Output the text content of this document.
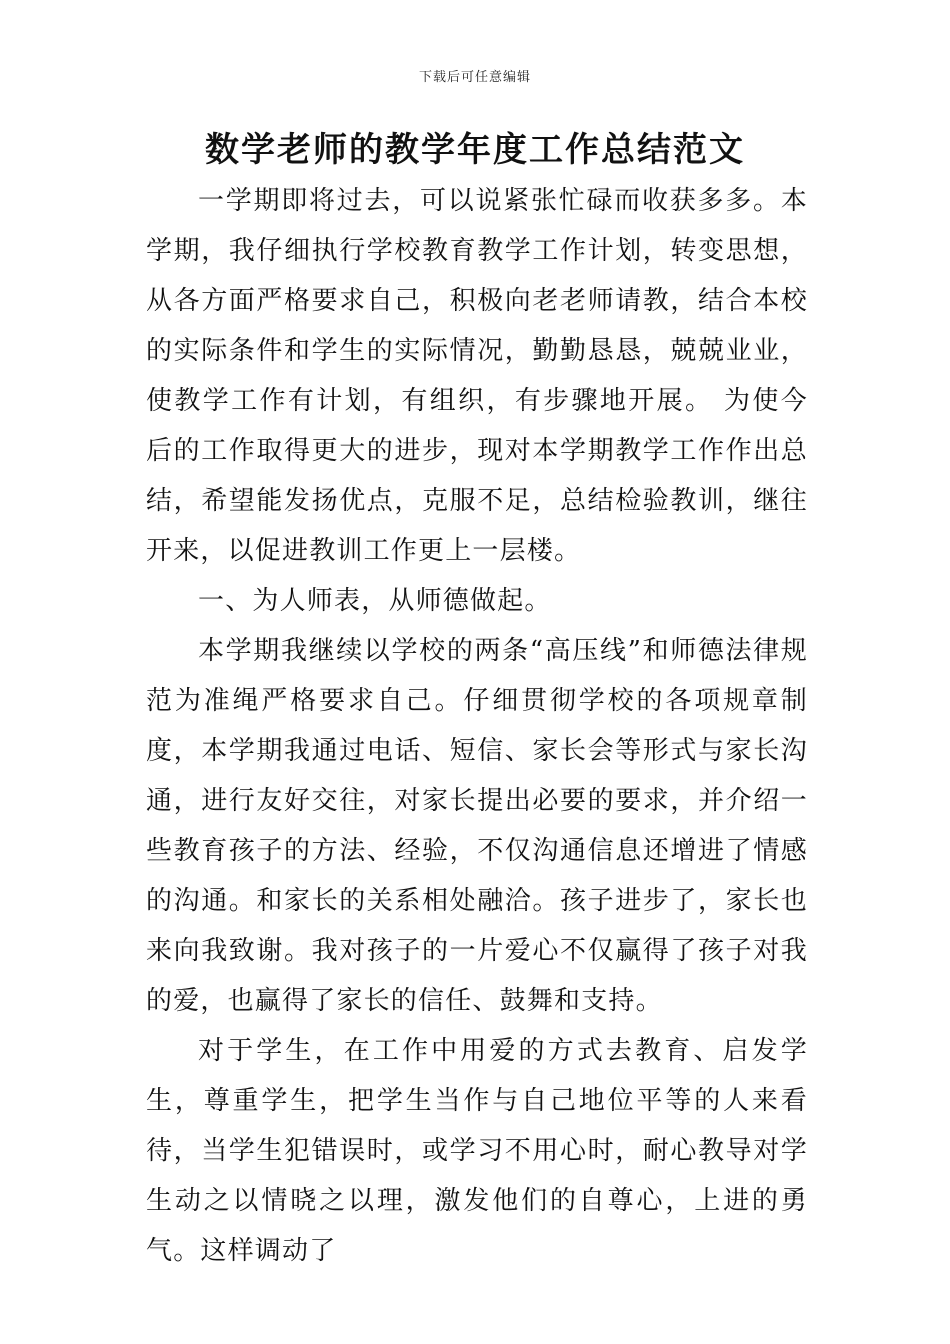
下载后可任意编辑
数学老师的教学年度工作总结范文

一学期即将过去，可以说紧张忙碌而收获多多。本学期，我仔细执行学校教育教学工作计划，转变思想，从各方面严格要求自己，积极向老老师请教，结合本校的实际条件和学生的实际情况，勤勤恳恳，兢兢业业，使教学工作有计划，有组织，有步骤地开展。 为使今后的工作取得更大的进步，现对本学期教学工作作出总结，希望能发扬优点，克服不足，总结检验教训，继往开来，以促进教训工作更上一层楼。

一、为人师表，从师德做起。

本学期我继续以学校的两条“高压线”和师德法律规范为准绳严格要求自己。仔细贯彻学校的各项规章制度，本学期我通过电话、短信、家长会等形式与家长沟通，进行友好交往，对家长提出必要的要求，并介绍一些教育孩子的方法、经验，不仅沟通信息还增进了情感的沟通。和家长的关系相处融洽。孩子进步了，家长也来向我致谢。我对孩子的一片爱心不仅赢得了孩子对我的爱，也赢得了家长的信任、鼓舞和支持。

对于学生，在工作中用爱的方式去教育、启发学生，尊重学生，把学生当作与自己地位平等的人来看待，当学生犯错误时，或学习不用心时，耐心教导对学生动之以情晓之以理，激发他们的自尊心，上进的勇气。这样调动了
